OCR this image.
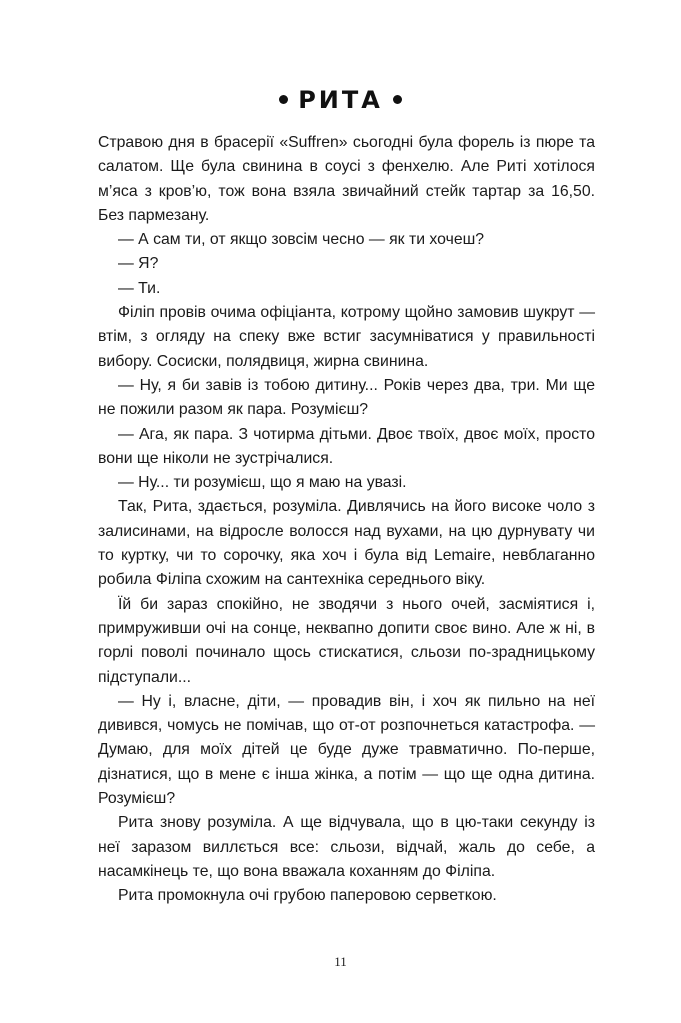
РИТА

Стравою дня в брасерії «Suffren» сьогодні була форель із пюре та салатом. Ще була свинина в соусі з фенхелю. Але Риті хотілося м’яса з кров’ю, тож вона взяла звичайний стейк тартар за 16,50. Без пармезану.

— А сам ти, от якщо зовсім чесно — як ти хочеш?

— Я?

— Ти.

Філіп провів очима офіціанта, котрому щойно замовив шукрут — втім, з огляду на спеку вже встиг засумніватися у правильності вибору. Сосиски, полядвиця, жирна свинина.

— Ну, я би завів із тобою дитину... Років через два, три. Ми ще не пожили разом як пара. Розумієш?

— Ага, як пара. З чотирма дітьми. Двоє твоїх, двоє моїх, просто вони ще ніколи не зустрічалися.

— Ну... ти розумієш, що я маю на увазі.

Так, Рита, здається, розуміла. Дивлячись на його високе чоло з залисинами, на відросле волосся над вухами, на цю дурнувату чи то куртку, чи то сорочку, яка хоч і була від Lemaire, невблаганно робила Філіпа схожим на сантехніка середнього віку.

Їй би зараз спокійно, не зводячи з нього очей, засміятися і, примруживши очі на сонце, неквапно допити своє вино. Але ж ні, в горлі поволі починало щось стискатися, сльози по-зрадницькому підступали...

— Ну і, власне, діти, — провадив він, і хоч як пильно на неї дивився, чомусь не помічав, що от-от розпочнеться катастрофа. — Думаю, для моїх дітей це буде дуже травматично. По-перше, дізнатися, що в мене є інша жінка, а потім — що ще одна дитина. Розумієш?

Рита знову розуміла. А ще відчувала, що в цю-таки секунду із неї заразом виллється все: сльози, відчай, жаль до себе, а насамкінець те, що вона вважала коханням до Філіпа.

Рита промокнула очі грубою паперовою серветкою.

11
